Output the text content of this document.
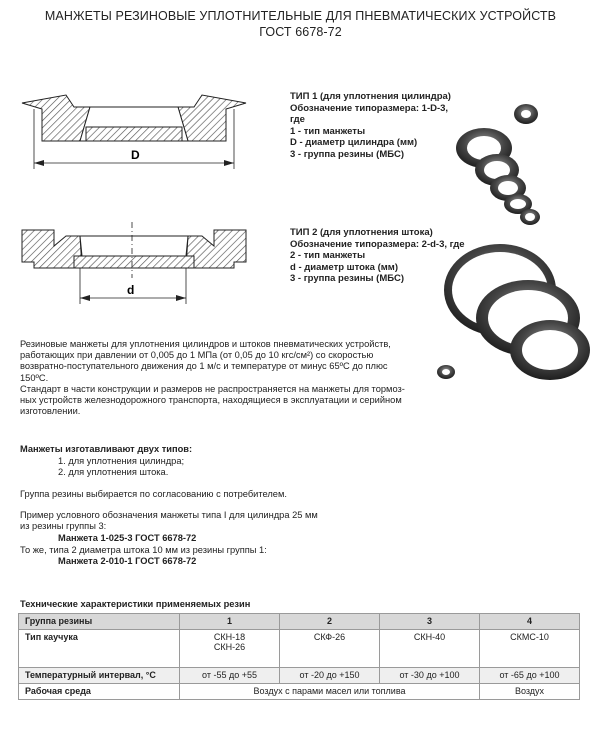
МАНЖЕТЫ РЕЗИНОВЫЕ УПЛОТНИТЕЛЬНЫЕ ДЛЯ ПНЕВМАТИЧЕСКИХ УСТРОЙСТВ
ГОСТ 6678-72
D
d
ТИП 1 (для уплотнения цилиндра)
Обозначение типоразмера: 1-D-3,
где
1 - тип манжеты
D - диаметр цилиндра (мм)
3 - группа резины (МБС)
ТИП 2 (для уплотнения штока)
Обозначение типоразмера: 2-d-3, где
2 - тип манжеты
d - диаметр штока (мм)
3 - группа резины (МБС)
Резиновые манжеты для уплотнения цилиндров и штоков пневматических устройств,
работающих при давлении от 0,005 до 1 МПа (от 0,05 до 10 кгс/см²) со скоростью
возвратно-поступательного движения до 1 м/с и температуре от минус 65ºС до плюс
150ºС.
Стандарт в части конструкции и размеров не распространяется на манжеты для тормоз-
ных устройств железнодорожного транспорта, находящиеся в эксплуатации и серийном
изготовлении.
Манжеты изготавливают двух типов:
1. для уплотнения цилиндра;
2. для уплотнения штока.
Группа резины выбирается по согласованию с потребителем.
Пример условного обозначения манжеты типа I для цилиндра 25 мм
из резины группы 3:
Манжета 1-025-3 ГОСТ 6678-72
То же, типа 2 диаметра штока 10 мм из резины группы 1:
Манжета 2-010-1 ГОСТ 6678-72
Технические характеристики применяемых резин
Группа резины	1	2	3	4
Тип каучука	СКН-18
СКН-26	СКФ-26	СКН-40	СКМС-10
Температурный интервал, °С	от -55 до +55	от -20 до +150	от -30 до +100	от -65 до +100
Рабочая среда	Воздух с парами масел или топлива			Воздух
